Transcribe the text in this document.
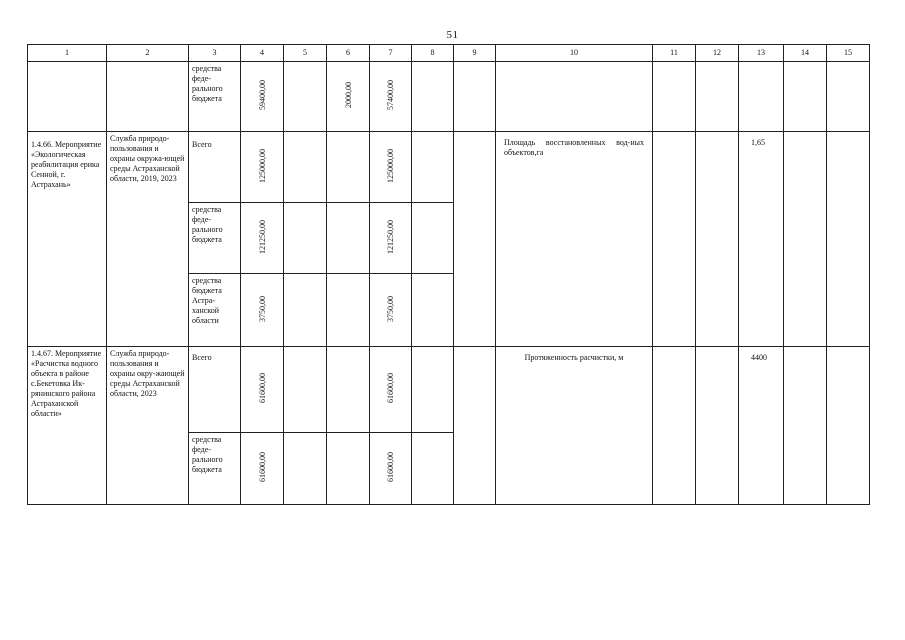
51
1	2	3	4	5	6	7	8	9	10	11	12	13	14	15
		средства феде-рального бюджета	59400,00		2000,00	57400,00								
1.4.66. Мероприятие «Экологическая реабилитация ерика Сенной, г. Астрахань»	Служба природо-пользования и охраны окружа-ющей среды Астраханской области, 2019, 2023	Всего	125000,00			125000,00			Площадь восстановленных вод-ных объектов,га			1,65		
		средства феде-рального бюджета	121250,00			121250,00								
		средства бюджета Астра-ханской области	3750,00			3750,00								
1.4.67. Мероприятие «Расчистка водного объекта в районе с.Бекетовка Ик-рянинского района Астраханской области»	Служба природо-пользования и охраны окру-жающей среды Астраханской области, 2023	Всего	61600,00			61600,00			Протяженность расчистки, м			4400		
		средства феде-рального бюджета	61600,00			61600,00								
